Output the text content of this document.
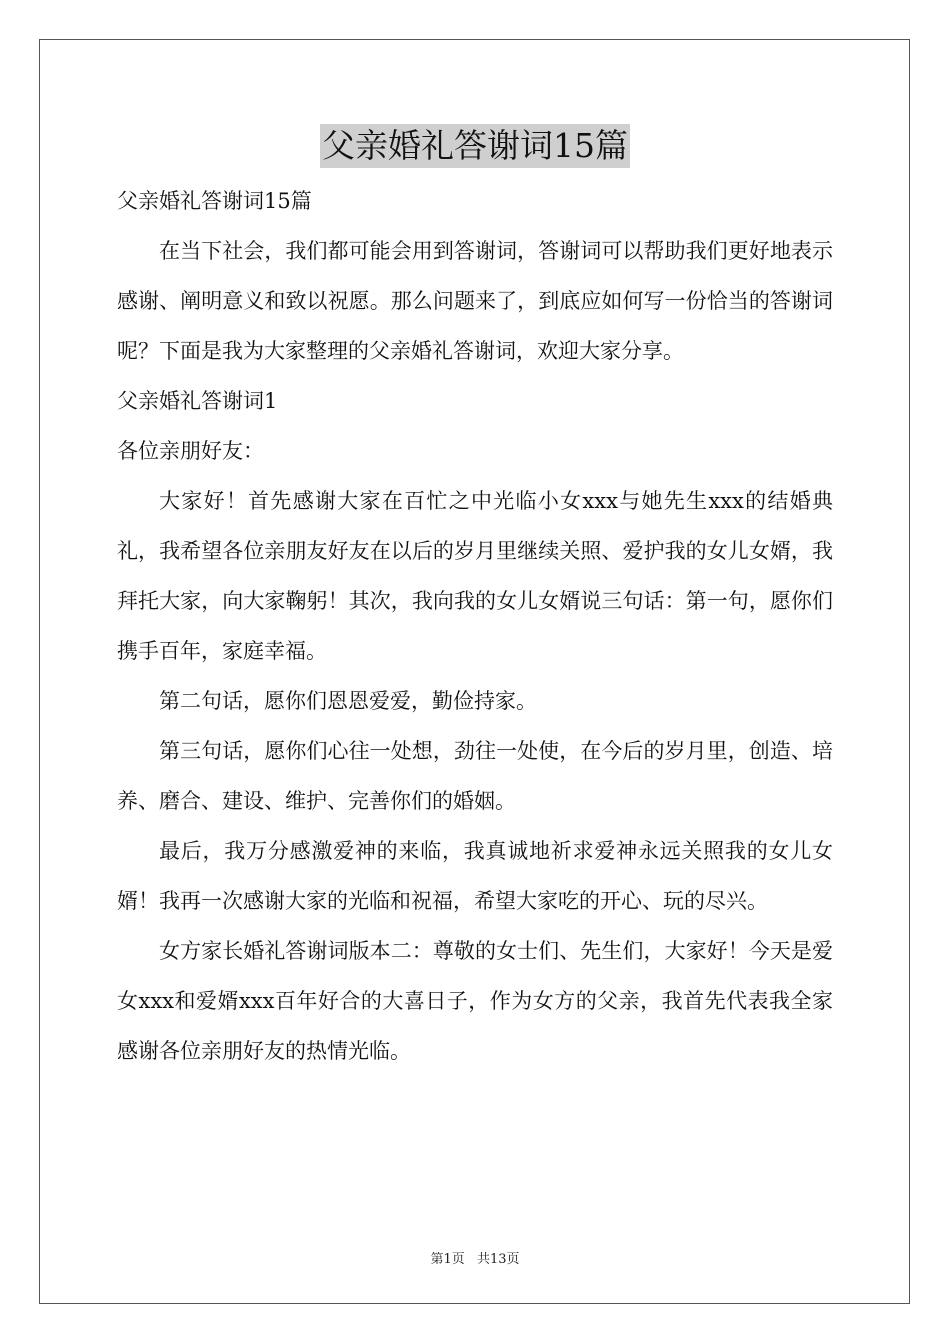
父亲婚礼答谢词15篇
父亲婚礼答谢词15篇

在当下社会，我们都可能会用到答谢词，答谢词可以帮助我们更好地表示感谢、阐明意义和致以祝愿。那么问题来了，到底应如何写一份恰当的答谢词呢？下面是我为大家整理的父亲婚礼答谢词，欢迎大家分享。

父亲婚礼答谢词1
各位亲朋好友：

大家好！首先感谢大家在百忙之中光临小女xxx与她先生xxx的结婚典礼，我希望各位亲朋友好友在以后的岁月里继续关照、爱护我的女儿女婿，我拜托大家，向大家鞠躬！其次，我向我的女儿女婿说三句话：第一句，愿你们携手百年，家庭幸福。

第二句话，愿你们恩恩爱爱，勤俭持家。

第三句话，愿你们心往一处想，劲往一处使，在今后的岁月里，创造、培养、磨合、建设、维护、完善你们的婚姻。

最后，我万分感激爱神的来临，我真诚地祈求爱神永远关照我的女儿女婿！我再一次感谢大家的光临和祝福，希望大家吃的开心、玩的尽兴。

女方家长婚礼答谢词版本二：尊敬的女士们、先生们，大家好！今天是爱女xxx和爱婿xxx百年好合的大喜日子，作为女方的父亲，我首先代表我全家感谢各位亲朋好友的热情光临。

第1页 共13页
